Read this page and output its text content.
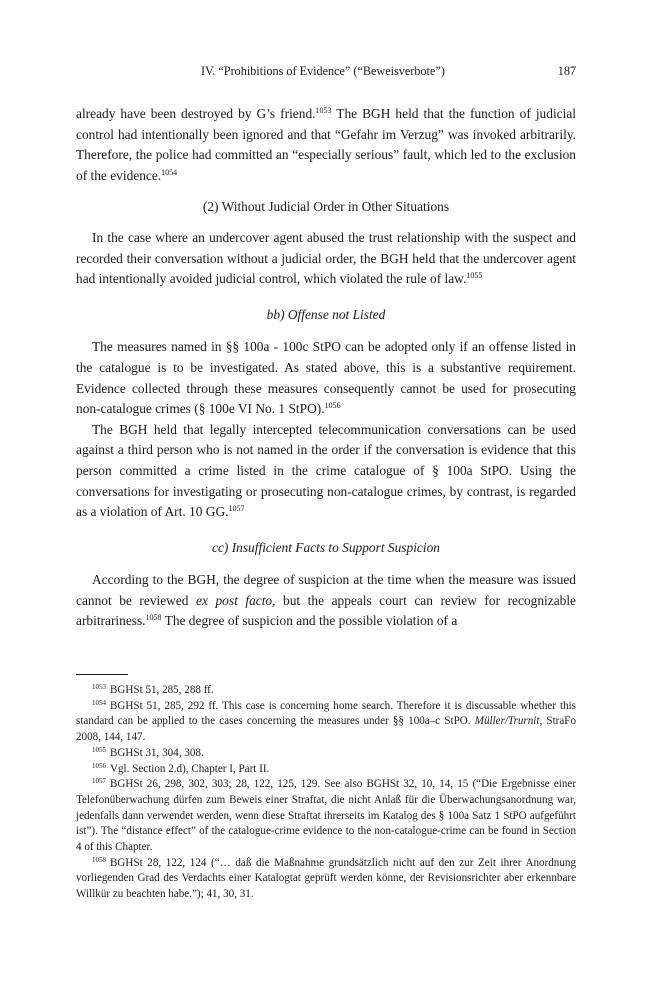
IV. “Prohibitions of Evidence” (“Beweisverbote”)	187

already have been destroyed by G’s friend.$^{1053}$ The BGH held that the function of judicial control had intentionally been ignored and that “Gefahr im Verzug” was invoked arbitrarily. Therefore, the police had committed an “especially serious” fault, which led to the exclusion of the evidence.$^{1054}$

(2) Without Judicial Order in Other Situations

In the case where an undercover agent abused the trust relationship with the suspect and recorded their conversation without a judicial order, the BGH held that the undercover agent had intentionally avoided judicial control, which violated the rule of law.$^{1055}$

bb) Offense not Listed

The measures named in §§ 100a - 100c StPO can be adopted only if an offense listed in the catalogue is to be investigated. As stated above, this is a substantive requirement. Evidence collected through these measures consequently cannot be used for prosecuting non-catalogue crimes (§ 100e VI No. 1 StPO).$^{1056}$

The BGH held that legally intercepted telecommunication conversations can be used against a third person who is not named in the order if the conversation is evidence that this person committed a crime listed in the crime catalogue of § 100a StPO. Using the conversations for investigating or prosecuting non-catalogue crimes, by contrast, is regarded as a violation of Art. 10 GG.$^{1057}$

cc) Insufficient Facts to Support Suspicion

According to the BGH, the degree of suspicion at the time when the measure was issued cannot be reviewed ex post facto, but the appeals court can review for recognizable arbitrariness.$^{1058}$ The degree of suspicion and the possible violation of a

$^{1053}$ BGHSt 51, 285, 288 ff.

$^{1054}$ BGHSt 51, 285, 292 ff. This case is concerning home search. Therefore it is discussable whether this standard can be applied to the cases concerning the measures under §§ 100a–c StPO. Müller/Trurnit, StraFo 2008, 144, 147.

$^{1055}$ BGHSt 31, 304, 308.

$^{1056}$ Vgl. Section 2.d), Chapter I, Part II.

$^{1057}$ BGHSt 26, 298, 302, 303; 28, 122, 125, 129. See also BGHSt 32, 10, 14, 15 (“Die Ergebnisse einer Telefonüberwachung dürfen zum Beweis einer Straftat, die nicht Anlaß für die Überwachungsanordnung war, jedenfalls dann verwendet werden, wenn diese Straftat ihrerseits im Katalog des § 100a Satz 1 StPO aufgeführt ist”). The “distance effect” of the catalogue-crime evidence to the non-catalogue-crime can be found in Section 4 of this Chapter.

$^{1058}$ BGHSt 28, 122, 124 (“… daß die Maßnahme grundsätzlich nicht auf den zur Zeit ihrer Anordnung vorliegenden Grad des Verdachts einer Katalogtat geprüft werden könne, der Revisionsrichter aber erkennbare Willkür zu beachten habe.”); 41, 30, 31.
